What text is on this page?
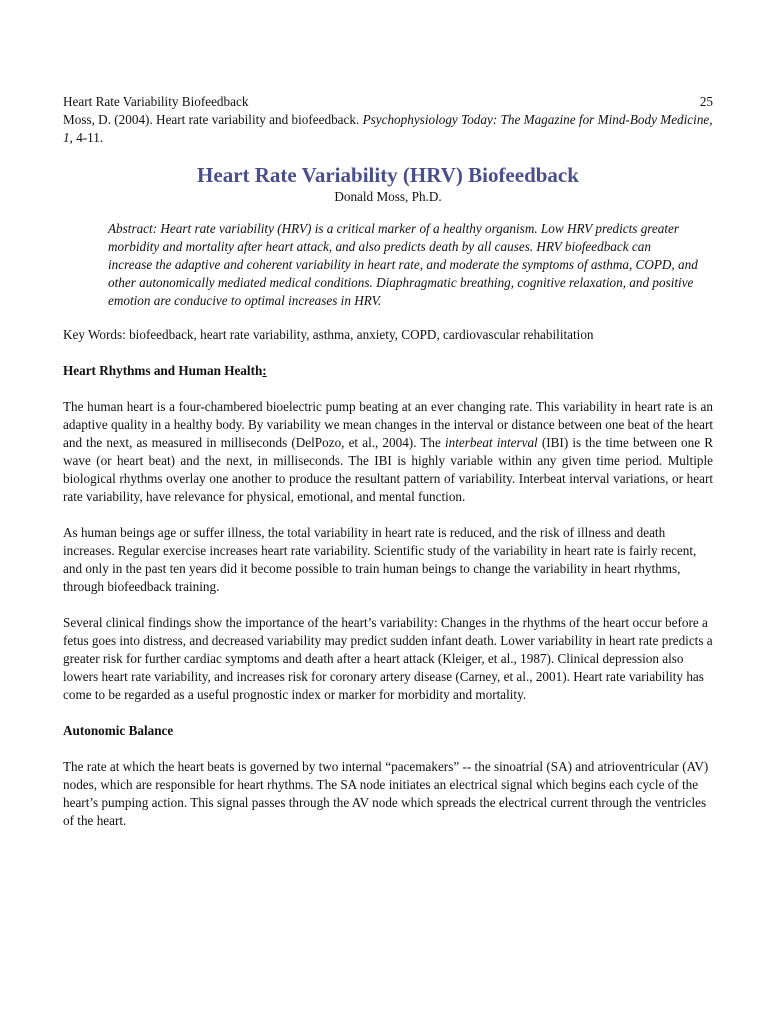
Heart Rate Variability Biofeedback	25

Moss, D. (2004). Heart rate variability and biofeedback. Psychophysiology Today: The Magazine for Mind-Body Medicine, 1, 4-11.

Heart Rate Variability (HRV) Biofeedback
Donald Moss, Ph.D.
Abstract: Heart rate variability (HRV) is a critical marker of a healthy organism. Low HRV predicts greater morbidity and mortality after heart attack, and also predicts death by all causes. HRV biofeedback can increase the adaptive and coherent variability in heart rate, and moderate the symptoms of asthma, COPD, and other autonomically mediated medical conditions. Diaphragmatic breathing, cognitive relaxation, and positive emotion are conducive to optimal increases in HRV.
Key Words: biofeedback, heart rate variability, asthma, anxiety, COPD, cardiovascular rehabilitation
Heart Rhythms and Human Health:
The human heart is a four-chambered bioelectric pump beating at an ever changing rate. This variability in heart rate is an adaptive quality in a healthy body. By variability we mean changes in the interval or distance between one beat of the heart and the next, as measured in milliseconds (DelPozo, et al., 2004). The interbeat interval (IBI) is the time between one R wave (or heart beat) and the next, in milliseconds. The IBI is highly variable within any given time period. Multiple biological rhythms overlay one another to produce the resultant pattern of variability. Interbeat interval variations, or heart rate variability, have relevance for physical, emotional, and mental function.
As human beings age or suffer illness, the total variability in heart rate is reduced, and the risk of illness and death increases. Regular exercise increases heart rate variability. Scientific study of the variability in heart rate is fairly recent, and only in the past ten years did it become possible to train human beings to change the variability in heart rhythms, through biofeedback training.
Several clinical findings show the importance of the heart’s variability: Changes in the rhythms of the heart occur before a fetus goes into distress, and decreased variability may predict sudden infant death. Lower variability in heart rate predicts a greater risk for further cardiac symptoms and death after a heart attack (Kleiger, et al., 1987). Clinical depression also lowers heart rate variability, and increases risk for coronary artery disease (Carney, et al., 2001). Heart rate variability has come to be regarded as a useful prognostic index or marker for morbidity and mortality.
Autonomic Balance
The rate at which the heart beats is governed by two internal “pacemakers” -- the sinoatrial (SA) and atrioventricular (AV) nodes, which are responsible for heart rhythms. The SA node initiates an electrical signal which begins each cycle of the heart’s pumping action. This signal passes through the AV node which spreads the electrical current through the ventricles of the heart.
